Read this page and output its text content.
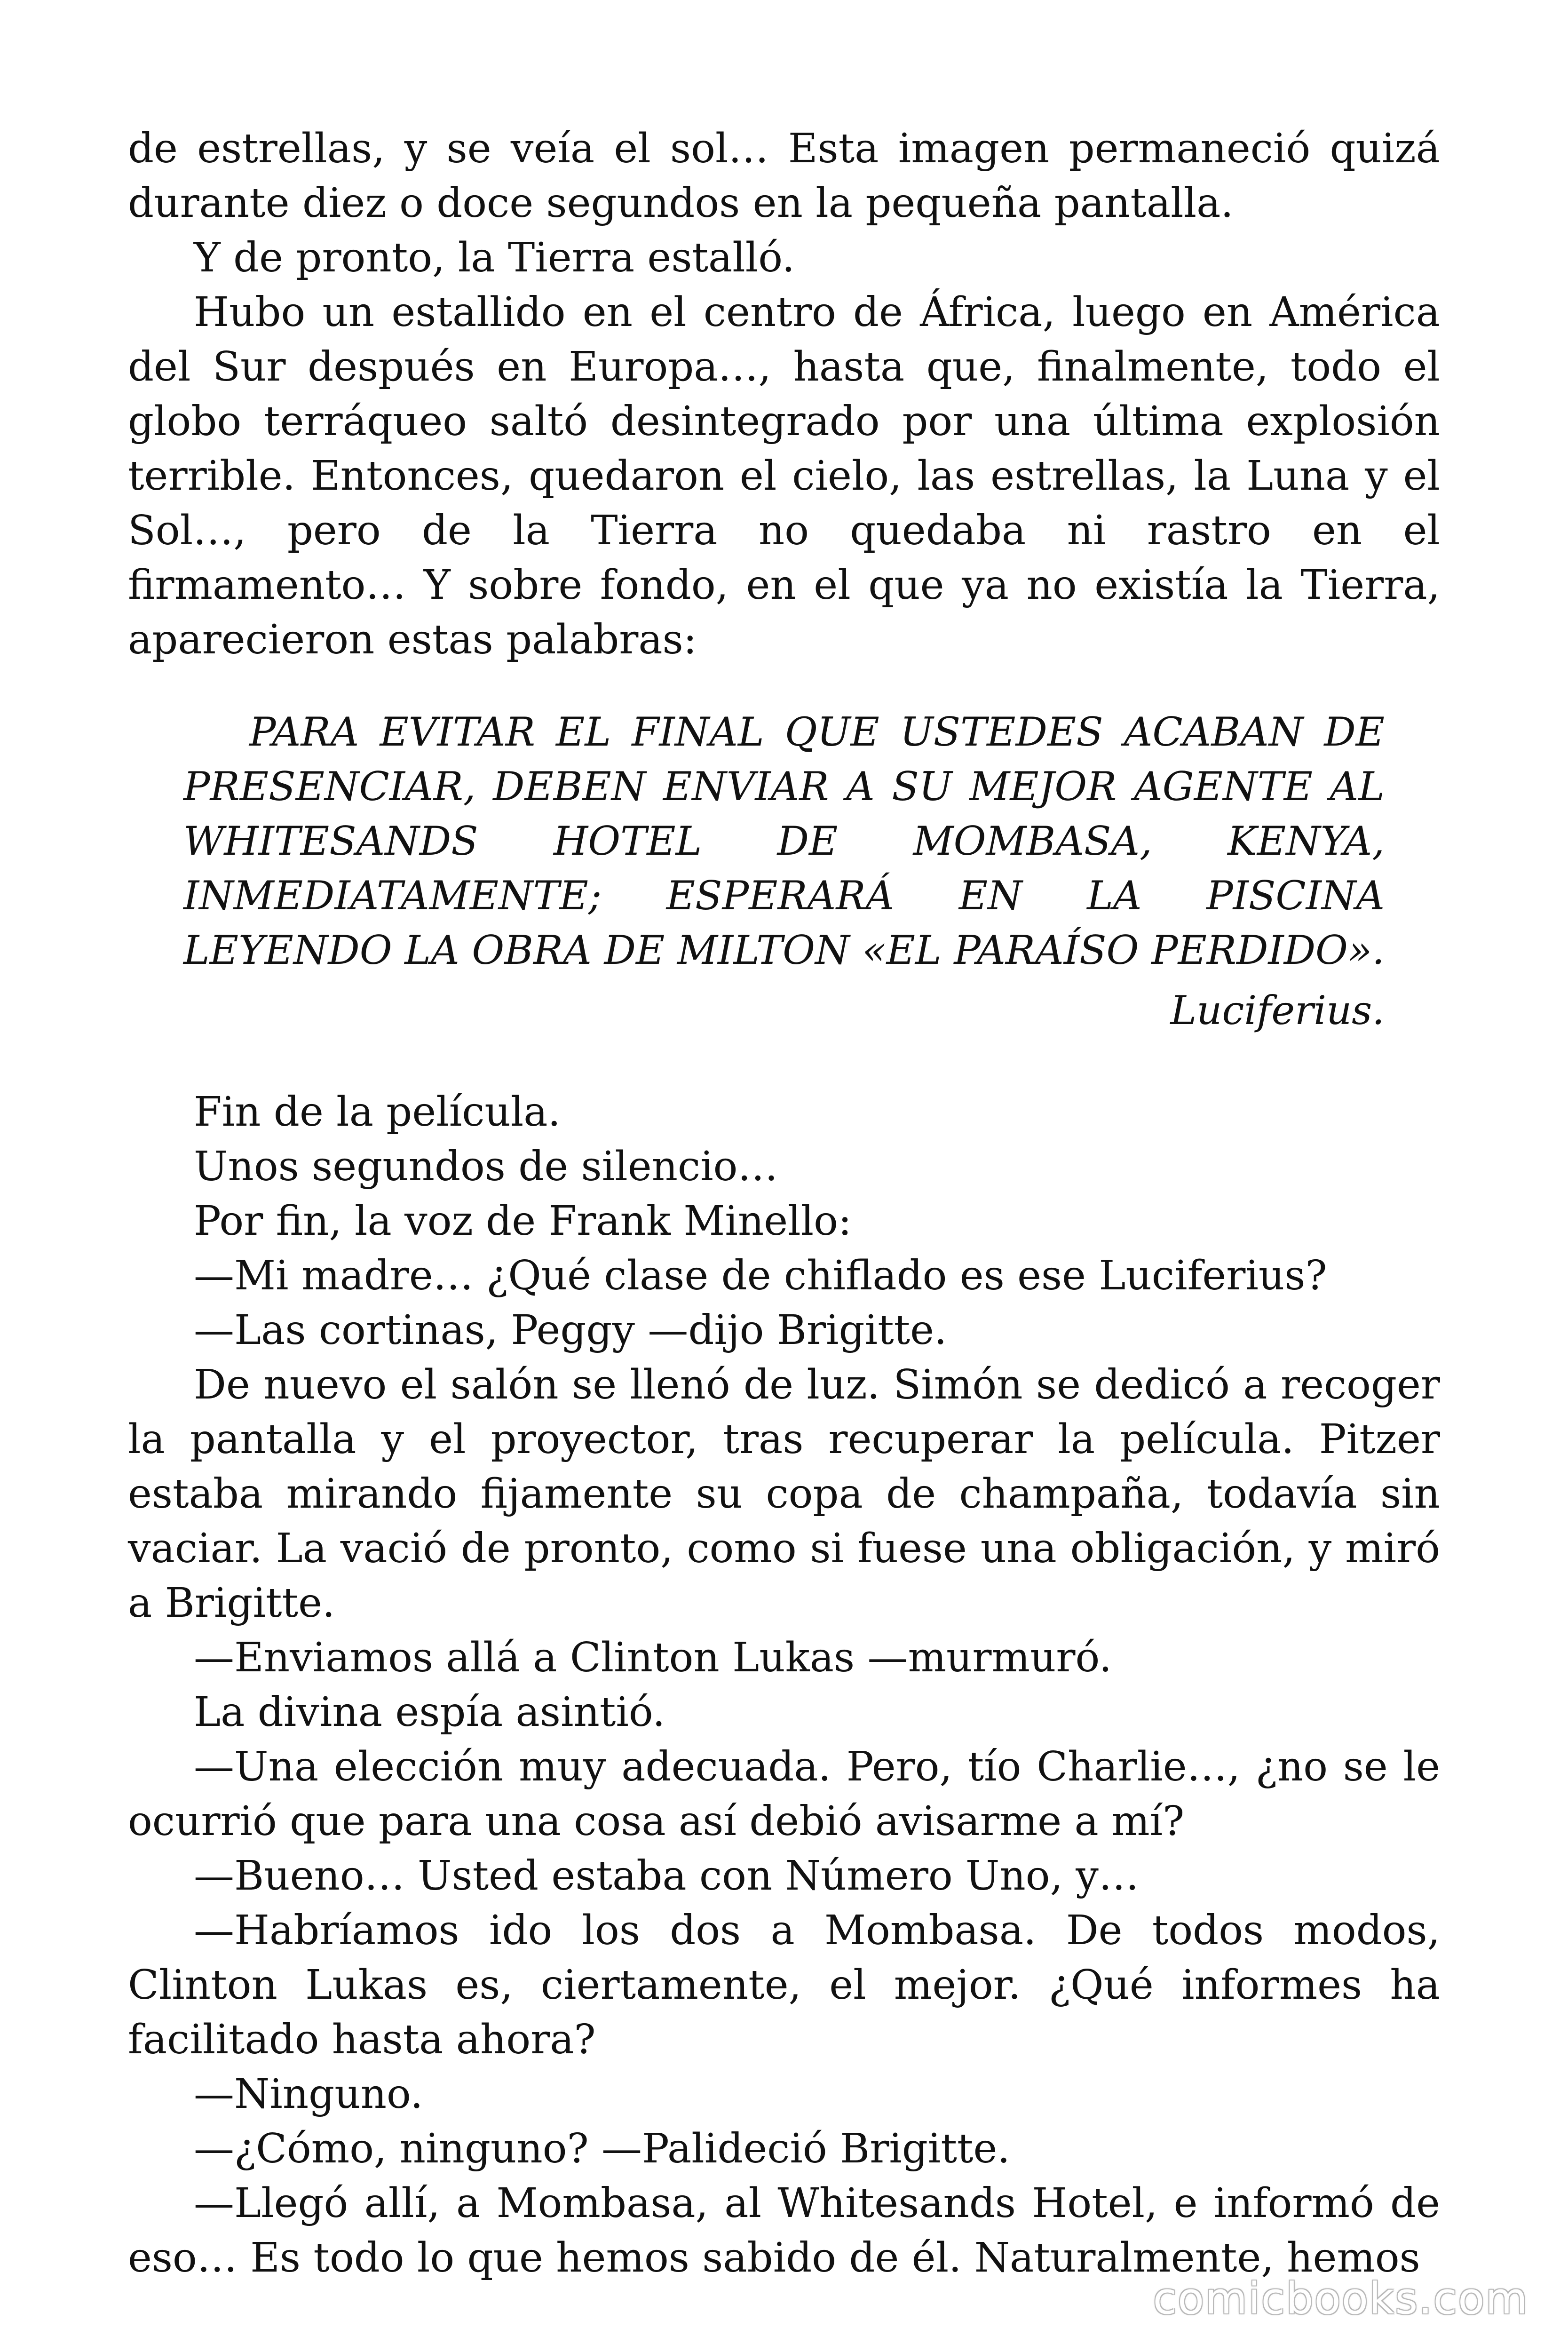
de estrellas, y se veía el sol… Esta imagen permaneció quizá durante diez o doce segundos en la pequeña pantalla.

Y de pronto, la Tierra estalló.

Hubo un estallido en el centro de África, luego en América del Sur después en Europa…, hasta que, finalmente, todo el globo terráqueo saltó desintegrado por una última explosión terrible. Entonces, quedaron el cielo, las estrellas, la Luna y el Sol…, pero de la Tierra no quedaba ni rastro en el firmamento… Y sobre fondo, en el que ya no existía la Tierra, aparecieron estas palabras:

PARA EVITAR EL FINAL QUE USTEDES ACABAN DE PRESENCIAR, DEBEN ENVIAR A SU MEJOR AGENTE AL WHITESANDS HOTEL DE MOMBASA, KENYA, INMEDIATAMENTE; ESPERARÁ EN LA PISCINA LEYENDO LA OBRA DE MILTON «EL PARAÍSO PERDIDO».

Luciferius.

Fin de la película.

Unos segundos de silencio…

Por fin, la voz de Frank Minello:

—Mi madre… ¿Qué clase de chiflado es ese Luciferius?

—Las cortinas, Peggy —dijo Brigitte.

De nuevo el salón se llenó de luz. Simón se dedicó a recoger la pantalla y el proyector, tras recuperar la película. Pitzer estaba mirando fijamente su copa de champaña, todavía sin vaciar. La vació de pronto, como si fuese una obligación, y miró a Brigitte.

—Enviamos allá a Clinton Lukas —murmuró.

La divina espía asintió.

—Una elección muy adecuada. Pero, tío Charlie…, ¿no se le ocurrió que para una cosa así debió avisarme a mí?

—Bueno… Usted estaba con Número Uno, y…

—Habríamos ido los dos a Mombasa. De todos modos, Clinton Lukas es, ciertamente, el mejor. ¿Qué informes ha facilitado hasta ahora?

—Ninguno.

—¿Cómo, ninguno? —Palideció Brigitte.

—Llegó allí, a Mombasa, al Whitesands Hotel, e informó de eso… Es todo lo que hemos sabido de él. Naturalmente, hemos

comicbooks.com
